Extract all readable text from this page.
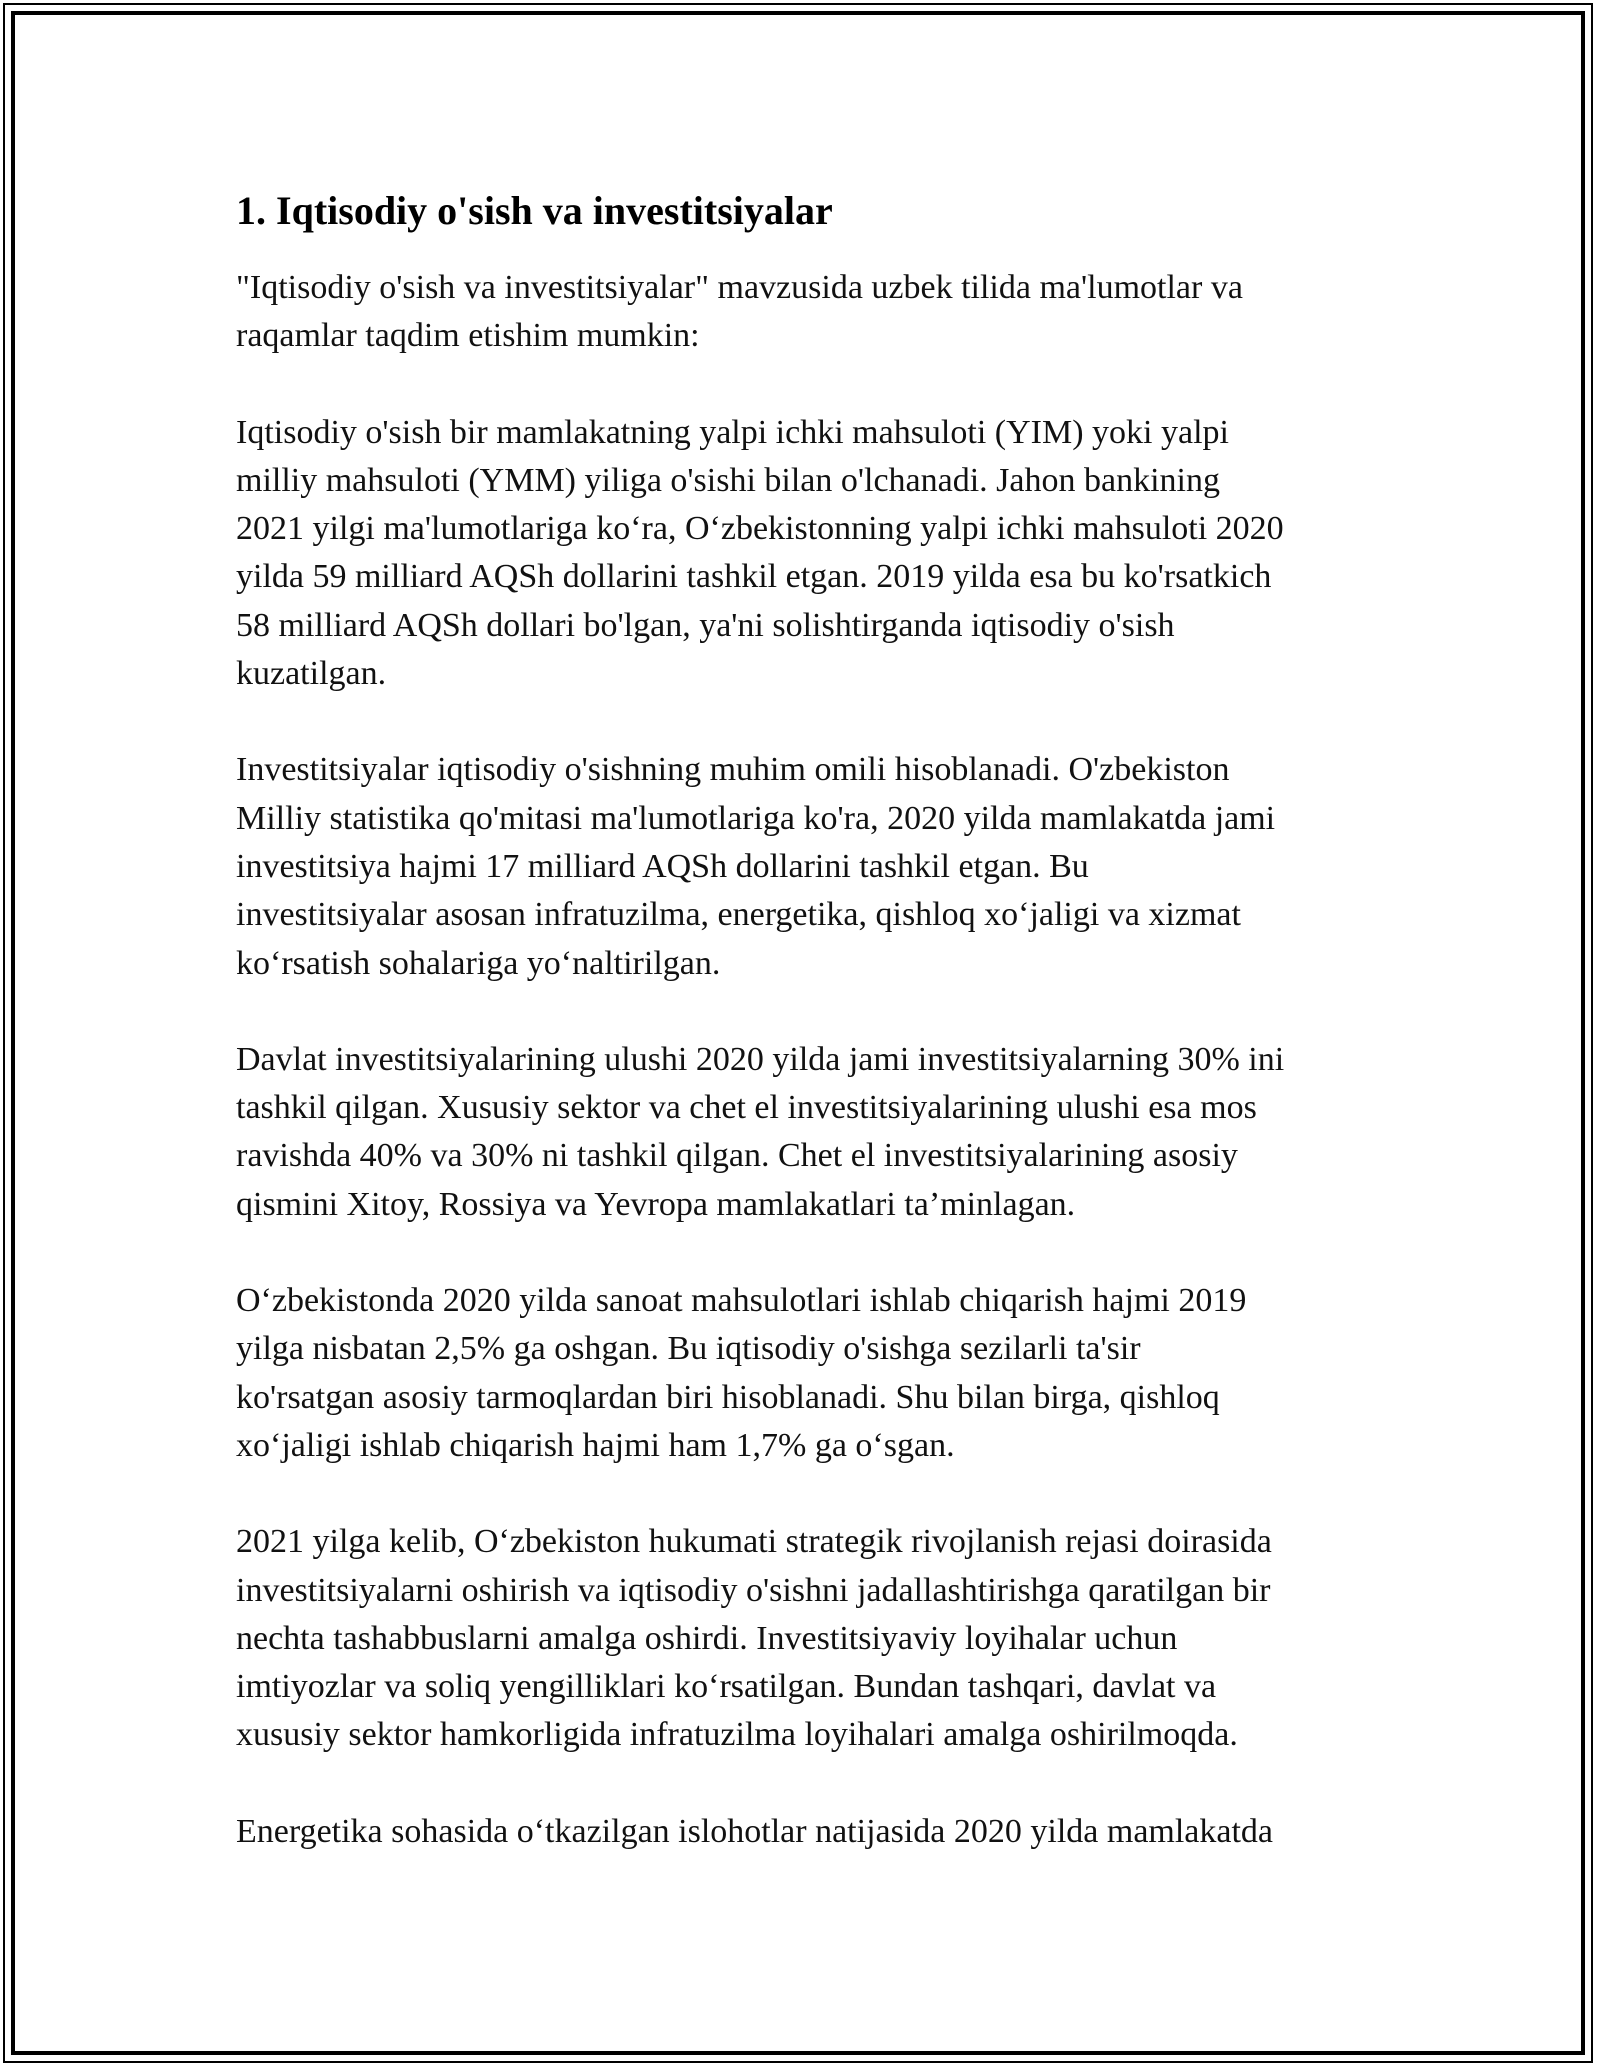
1. Iqtisodiy o'sish va investitsiyalar

"Iqtisodiy o'sish va investitsiyalar" mavzusida uzbek tilida ma'lumotlar va
raqamlar taqdim etishim mumkin:

Iqtisodiy o'sish bir mamlakatning yalpi ichki mahsuloti (YIM) yoki yalpi
milliy mahsuloti (YMM) yiliga o'sishi bilan o'lchanadi. Jahon bankining
2021 yilgi ma'lumotlariga ko‘ra, O‘zbekistonning yalpi ichki mahsuloti 2020
yilda 59 milliard AQSh dollarini tashkil etgan. 2019 yilda esa bu ko'rsatkich
58 milliard AQSh dollari bo'lgan, ya'ni solishtirganda iqtisodiy o'sish
kuzatilgan.

Investitsiyalar iqtisodiy o'sishning muhim omili hisoblanadi. O'zbekiston
Milliy statistika qo'mitasi ma'lumotlariga ko'ra, 2020 yilda mamlakatda jami
investitsiya hajmi 17 milliard AQSh dollarini tashkil etgan. Bu
investitsiyalar asosan infratuzilma, energetika, qishloq xo‘jaligi va xizmat
ko‘rsatish sohalariga yo‘naltirilgan.

Davlat investitsiyalarining ulushi 2020 yilda jami investitsiyalarning 30% ini
tashkil qilgan. Xususiy sektor va chet el investitsiyalarining ulushi esa mos
ravishda 40% va 30% ni tashkil qilgan. Chet el investitsiyalarining asosiy
qismini Xitoy, Rossiya va Yevropa mamlakatlari ta’minlagan.

O‘zbekistonda 2020 yilda sanoat mahsulotlari ishlab chiqarish hajmi 2019
yilga nisbatan 2,5% ga oshgan. Bu iqtisodiy o'sishga sezilarli ta'sir
ko'rsatgan asosiy tarmoqlardan biri hisoblanadi. Shu bilan birga, qishloq
xo‘jaligi ishlab chiqarish hajmi ham 1,7% ga o‘sgan.

2021 yilga kelib, O‘zbekiston hukumati strategik rivojlanish rejasi doirasida
investitsiyalarni oshirish va iqtisodiy o'sishni jadallashtirishga qaratilgan bir
nechta tashabbuslarni amalga oshirdi. Investitsiyaviy loyihalar uchun
imtiyozlar va soliq yengilliklari ko‘rsatilgan. Bundan tashqari, davlat va
xususiy sektor hamkorligida infratuzilma loyihalari amalga oshirilmoqda.

Energetika sohasida o‘tkazilgan islohotlar natijasida 2020 yilda mamlakatda
